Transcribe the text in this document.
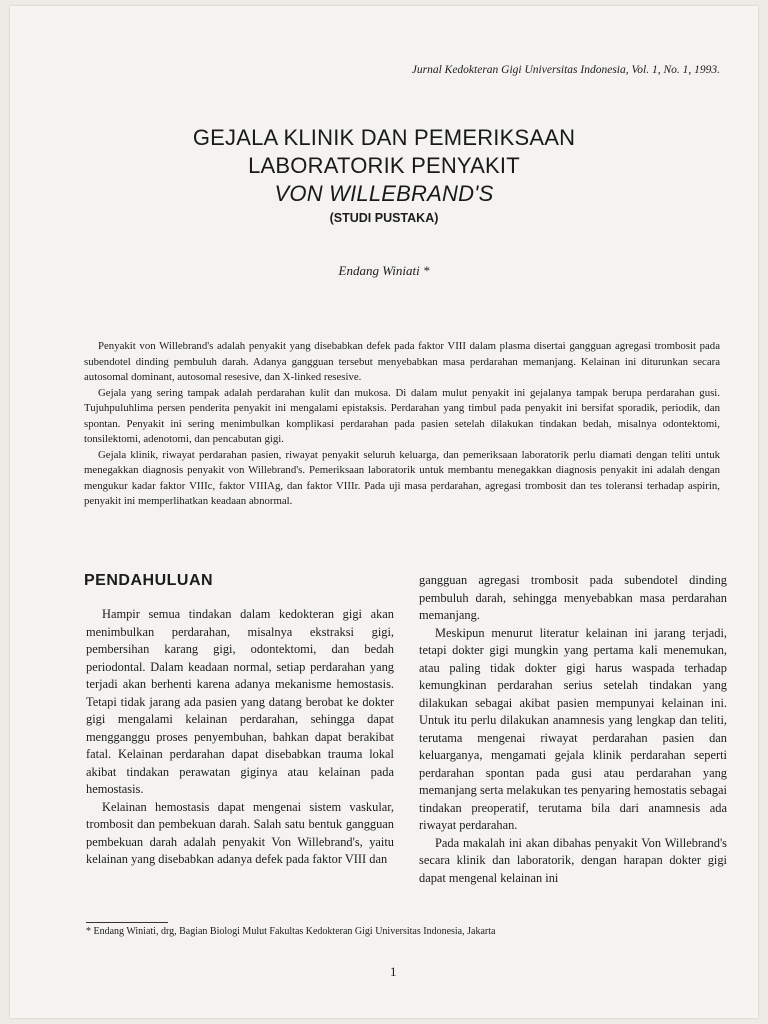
Jurnal Kedokteran Gigi Universitas Indonesia, Vol. 1, No. 1, 1993.
GEJALA KLINIK DAN PEMERIKSAAN
LABORATORIK PENYAKIT
VON WILLEBRAND'S
(STUDI PUSTAKA)
Endang Winiati *

Penyakit von Willebrand's adalah penyakit yang disebabkan defek pada faktor VIII dalam plasma disertai gangguan agregasi trombosit pada subendotel dinding pembuluh darah. Adanya gangguan tersebut menyebabkan masa perdarahan memanjang. Kelainan ini diturunkan secara autosomal dominant, autosomal resesive, dan X-linked resesive.

Gejala yang sering tampak adalah perdarahan kulit dan mukosa. Di dalam mulut penyakit ini gejalanya tampak berupa perdarahan gusi. Tujuhpuluhlima persen penderita penyakit ini mengalami epistaksis. Perdarahan yang timbul pada penyakit ini bersifat sporadik, periodik, dan spontan. Penyakit ini sering menimbulkan komplikasi perdarahan pada pasien setelah dilakukan tindakan bedah, misalnya odontektomi, tonsilektomi, adenotomi, dan pencabutan gigi.

Gejala klinik, riwayat perdarahan pasien, riwayat penyakit seluruh keluarga, dan pemeriksaan laboratorik perlu diamati dengan teliti untuk menegakkan diagnosis penyakit von Willebrand's. Pemeriksaan laboratorik untuk membantu menegakkan diagnosis penyakit ini adalah dengan mengukur kadar faktor VIIIc, faktor VIIIAg, dan faktor VIIIr. Pada uji masa perdarahan, agregasi trombosit dan tes toleransi terhadap aspirin, penyakit ini memperlihatkan keadaan abnormal.

PENDAHULUAN

Hampir semua tindakan dalam kedokteran gigi akan menimbulkan perdarahan, misalnya ekstraksi gigi, pembersihan karang gigi, odontektomi, dan bedah periodontal. Dalam keadaan normal, setiap perdarahan yang terjadi akan berhenti karena adanya mekanisme hemostasis. Tetapi tidak jarang ada pasien yang datang berobat ke dokter gigi mengalami kelainan perdarahan, sehingga dapat mengganggu proses penyembuhan, bahkan dapat berakibat fatal. Kelainan perdarahan dapat disebabkan trauma lokal akibat tindakan perawatan giginya atau kelainan pada hemostasis.

Kelainan hemostasis dapat mengenai sistem vaskular, trombosit dan pembekuan darah. Salah satu bentuk gangguan pembekuan darah adalah penyakit Von Willebrand's, yaitu kelainan yang disebabkan adanya defek pada faktor VIII dan

gangguan agregasi trombosit pada subendotel dinding pembuluh darah, sehingga menyebabkan masa perdarahan memanjang.

Meskipun menurut literatur kelainan ini jarang terjadi, tetapi dokter gigi mungkin yang pertama kali menemukan, atau paling tidak dokter gigi harus waspada terhadap kemungkinan perdarahan serius setelah tindakan yang dilakukan sebagai akibat pasien mempunyai kelainan ini. Untuk itu perlu dilakukan anamnesis yang lengkap dan teliti, terutama mengenai riwayat perdarahan pasien dan keluarganya, mengamati gejala klinik perdarahan seperti perdarahan spontan pada gusi atau perdarahan yang memanjang serta melakukan tes penyaring hemostatis sebagai tindakan preoperatif, terutama bila dari anamnesis ada riwayat perdarahan.

Pada makalah ini akan dibahas penyakit Von Willebrand's secara klinik dan laboratorik, dengan harapan dokter gigi dapat mengenal kelainan ini

* Endang Winiati, drg, Bagian Biologi Mulut Fakultas Kedokteran Gigi Universitas Indonesia, Jakarta
1
